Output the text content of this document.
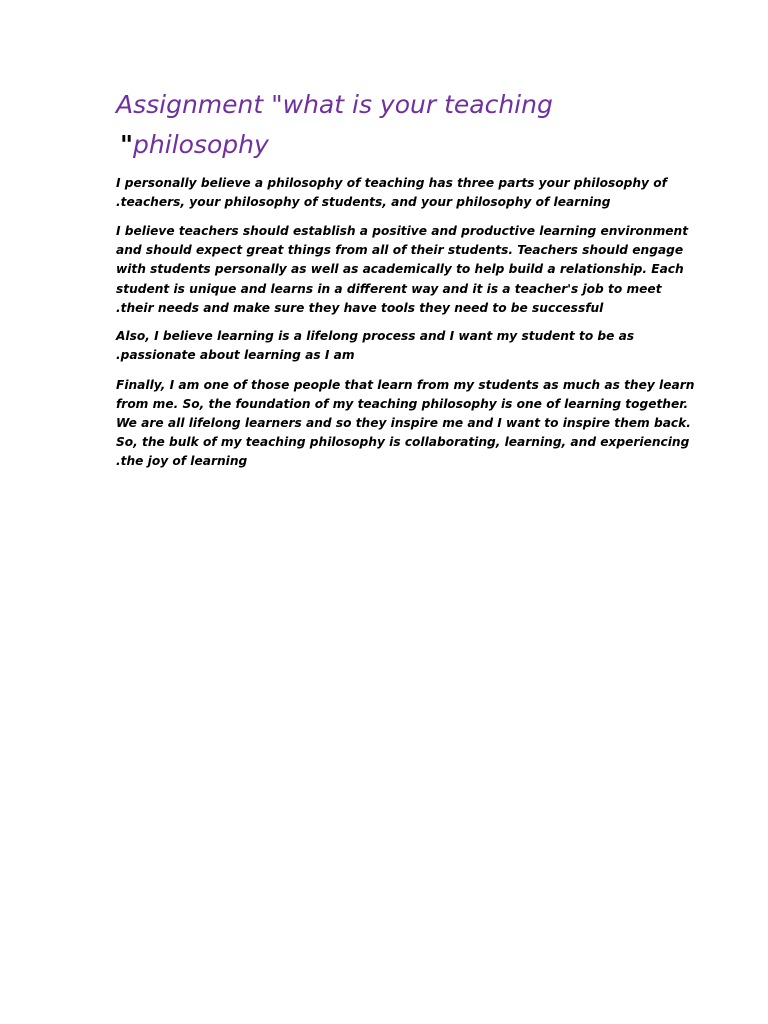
Assignment "what is your teaching
"philosophy
I personally believe a philosophy of teaching has three parts your philosophy of
.teachers, your philosophy of students, and your philosophy of learning
I believe teachers should establish a positive and productive learning environment
and should expect great things from all of their students. Teachers should engage
with students personally as well as academically to help build a relationship. Each
student is unique and learns in a different way and it is a teacher's job to meet
.their needs and make sure they have tools they need to be successful
Also, I believe learning is a lifelong process and I want my student to be as
.passionate about learning as I am
Finally, I am one of those people that learn from my students as much as they learn
from me. So, the foundation of my teaching philosophy is one of learning together.
We are all lifelong learners and so they inspire me and I want to inspire them back.
So, the bulk of my teaching philosophy is collaborating, learning, and experiencing
.the joy of learning
